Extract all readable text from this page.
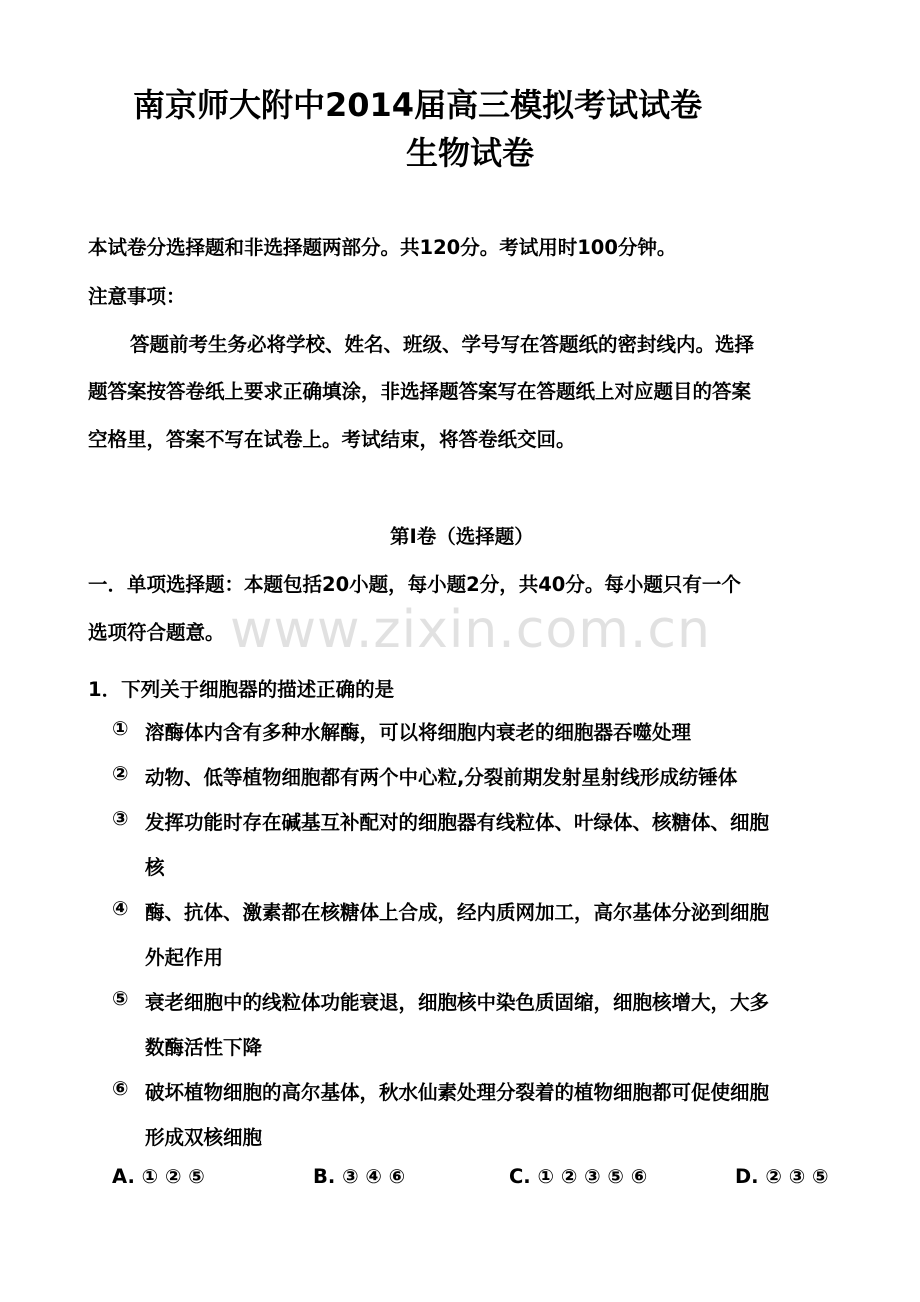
南京师大附中2014届高三模拟考试试卷
生物试卷
本试卷分选择题和非选择题两部分。共120分。考试用时100分钟。
注意事项：
答题前考生务必将学校、姓名、班级、学号写在答题纸的密封线内。选择
题答案按答卷纸上要求正确填涂，非选择题答案写在答题纸上对应题目的答案
空格里，答案不写在试卷上。考试结束，将答卷纸交回。
第Ⅰ卷（选择题）
一．单项选择题：本题包括20小题，每小题2分，共40分。每小题只有一个
选项符合题意。 www.zixin.com.cn
1．下列关于细胞器的描述正确的是
① 溶酶体内含有多种水解酶，可以将细胞内衰老的细胞器吞噬处理
② 动物、低等植物细胞都有两个中心粒,分裂前期发射星射线形成纺锤体
③ 发挥功能时存在碱基互补配对的细胞器有线粒体、叶绿体、核糖体、细胞
核
④ 酶、抗体、激素都在核糖体上合成，经内质网加工，高尔基体分泌到细胞
外起作用
⑤ 衰老细胞中的线粒体功能衰退，细胞核中染色质固缩，细胞核增大，大多
数酶活性下降
⑥ 破坏植物细胞的高尔基体，秋水仙素处理分裂着的植物细胞都可促使细胞
形成双核细胞
A. ① ② ⑤	B. ③ ④ ⑥	C. ① ② ③ ⑤ ⑥	D. ② ③ ⑤
